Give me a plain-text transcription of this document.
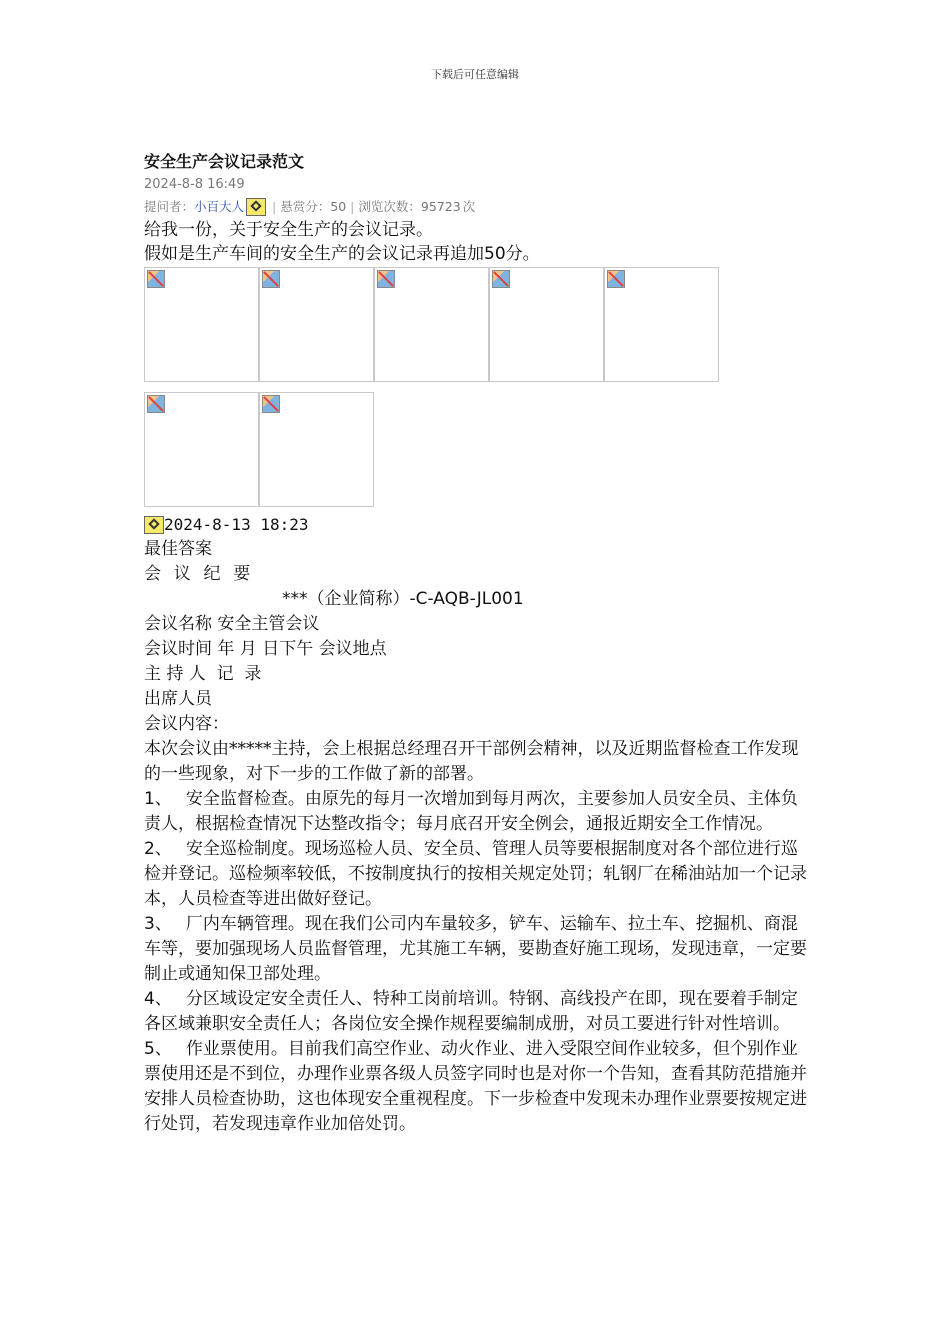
下载后可任意编辑
安全生产会议记录范文
2024-8-8 16:49
提问者： 小百大人 | 悬赏分： 50 | 浏览次数： 95723 次
给我一份，关于安全生产的会议记录。
假如是生产车间的安全生产的会议记录再追加50分。
2024-8-13 18:23

最佳答案

会议纪要

***（企业简称）-C-AQB-JL001

会议名称 安全主管会议

会议时间 年 月 日下午 会议地点

主 持 人  记  录

出席人员

会议内容：

本次会议由*****主持，会上根据总经理召开干部例会精神，以及近期监督检查工作发现的一些现象，对下一步的工作做了新的部署。

1、 安全监督检查。由原先的每月一次增加到每月两次，主要参加人员安全员、主体负责人，根据检查情况下达整改指令；每月底召开安全例会，通报近期安全工作情况。

2、 安全巡检制度。现场巡检人员、安全员、管理人员等要根据制度对各个部位进行巡检并登记。巡检频率较低，不按制度执行的按相关规定处罚；轧钢厂在稀油站加一个记录本，人员检查等进出做好登记。

3、 厂内车辆管理。现在我们公司内车量较多，铲车、运输车、拉土车、挖掘机、商混车等，要加强现场人员监督管理，尤其施工车辆，要勘查好施工现场，发现违章，一定要制止或通知保卫部处理。

4、 分区域设定安全责任人、特种工岗前培训。特钢、高线投产在即，现在要着手制定各区域兼职安全责任人；各岗位安全操作规程要编制成册，对员工要进行针对性培训。

5、 作业票使用。目前我们高空作业、动火作业、进入受限空间作业较多，但个别作业票使用还是不到位，办理作业票各级人员签字同时也是对你一个告知，查看其防范措施并安排人员检查协助，这也体现安全重视程度。下一步检查中发现未办理作业票要按规定进行处罚，若发现违章作业加倍处罚。
